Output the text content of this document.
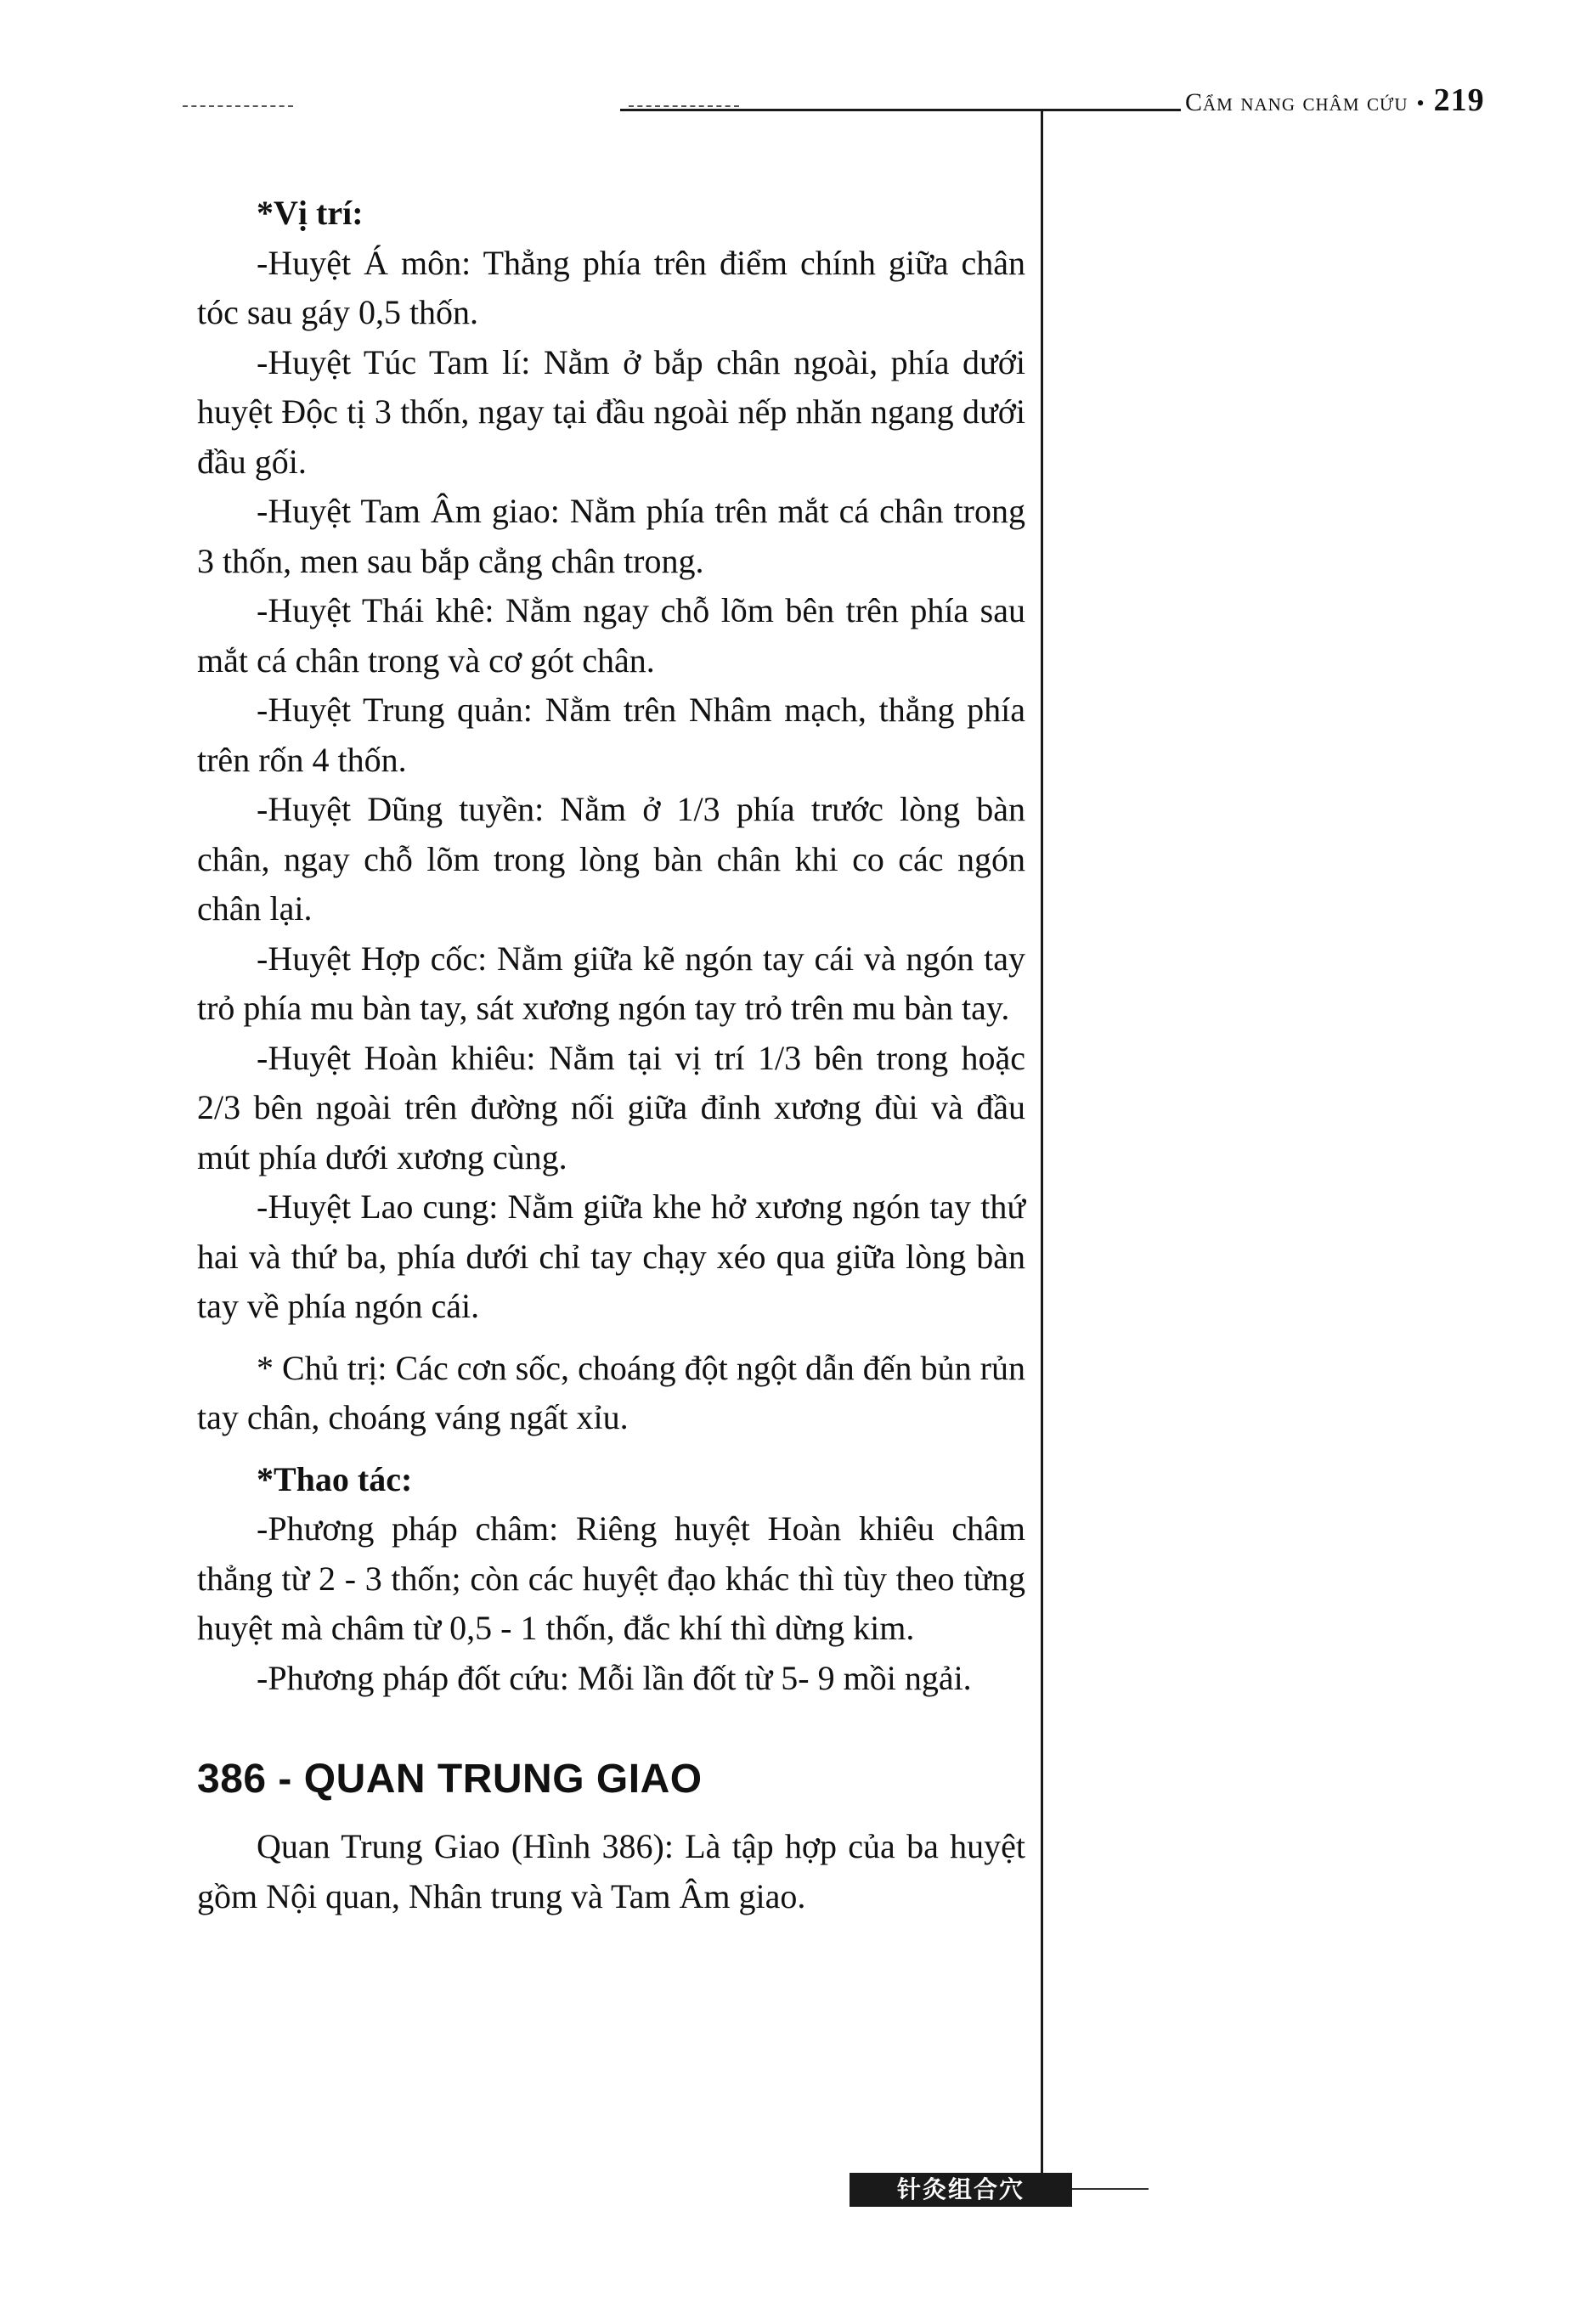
Cẩm nang châm cứu • 219

*Vị trí:

-Huyệt Á môn: Thẳng phía trên điểm chính giữa chân tóc sau gáy 0,5 thốn.

-Huyệt Túc Tam lí: Nằm ở bắp chân ngoài, phía dưới huyệt Độc tị 3 thốn, ngay tại đầu ngoài nếp nhăn ngang dưới đầu gối.

-Huyệt Tam Âm giao: Nằm phía trên mắt cá chân trong 3 thốn, men sau bắp cẳng chân trong.

-Huyệt Thái khê: Nằm ngay chỗ lõm bên trên phía sau mắt cá chân trong và cơ gót chân.

-Huyệt Trung quản: Nằm trên Nhâm mạch, thẳng phía trên rốn 4 thốn.

-Huyệt Dũng tuyền: Nằm ở 1/3 phía trước lòng bàn chân, ngay chỗ lõm trong lòng bàn chân khi co các ngón chân lại.

-Huyệt Hợp cốc: Nằm giữa kẽ ngón tay cái và ngón tay trỏ phía mu bàn tay, sát xương ngón tay trỏ trên mu bàn tay.

-Huyệt Hoàn khiêu: Nằm tại vị trí 1/3 bên trong hoặc 2/3 bên ngoài trên đường nối giữa đỉnh xương đùi và đầu mút phía dưới xương cùng.

-Huyệt Lao cung: Nằm giữa khe hở xương ngón tay thứ hai và thứ ba, phía dưới chỉ tay chạy xéo qua giữa lòng bàn tay về phía ngón cái.

* Chủ trị: Các cơn sốc, choáng đột ngột dẫn đến bủn rủn tay chân, choáng váng ngất xỉu.

*Thao tác:

-Phương pháp châm: Riêng huyệt Hoàn khiêu châm thẳng từ 2 - 3 thốn; còn các huyệt đạo khác thì tùy theo từng huyệt mà châm từ 0,5 - 1 thốn, đắc khí thì dừng kim.

-Phương pháp đốt cứu: Mỗi lần đốt từ 5- 9 mồi ngải.

386 - QUAN TRUNG GIAO

Quan Trung Giao (Hình 386): Là tập hợp của ba huyệt gồm Nội quan, Nhân trung và Tam Âm giao.

针灸组合穴
